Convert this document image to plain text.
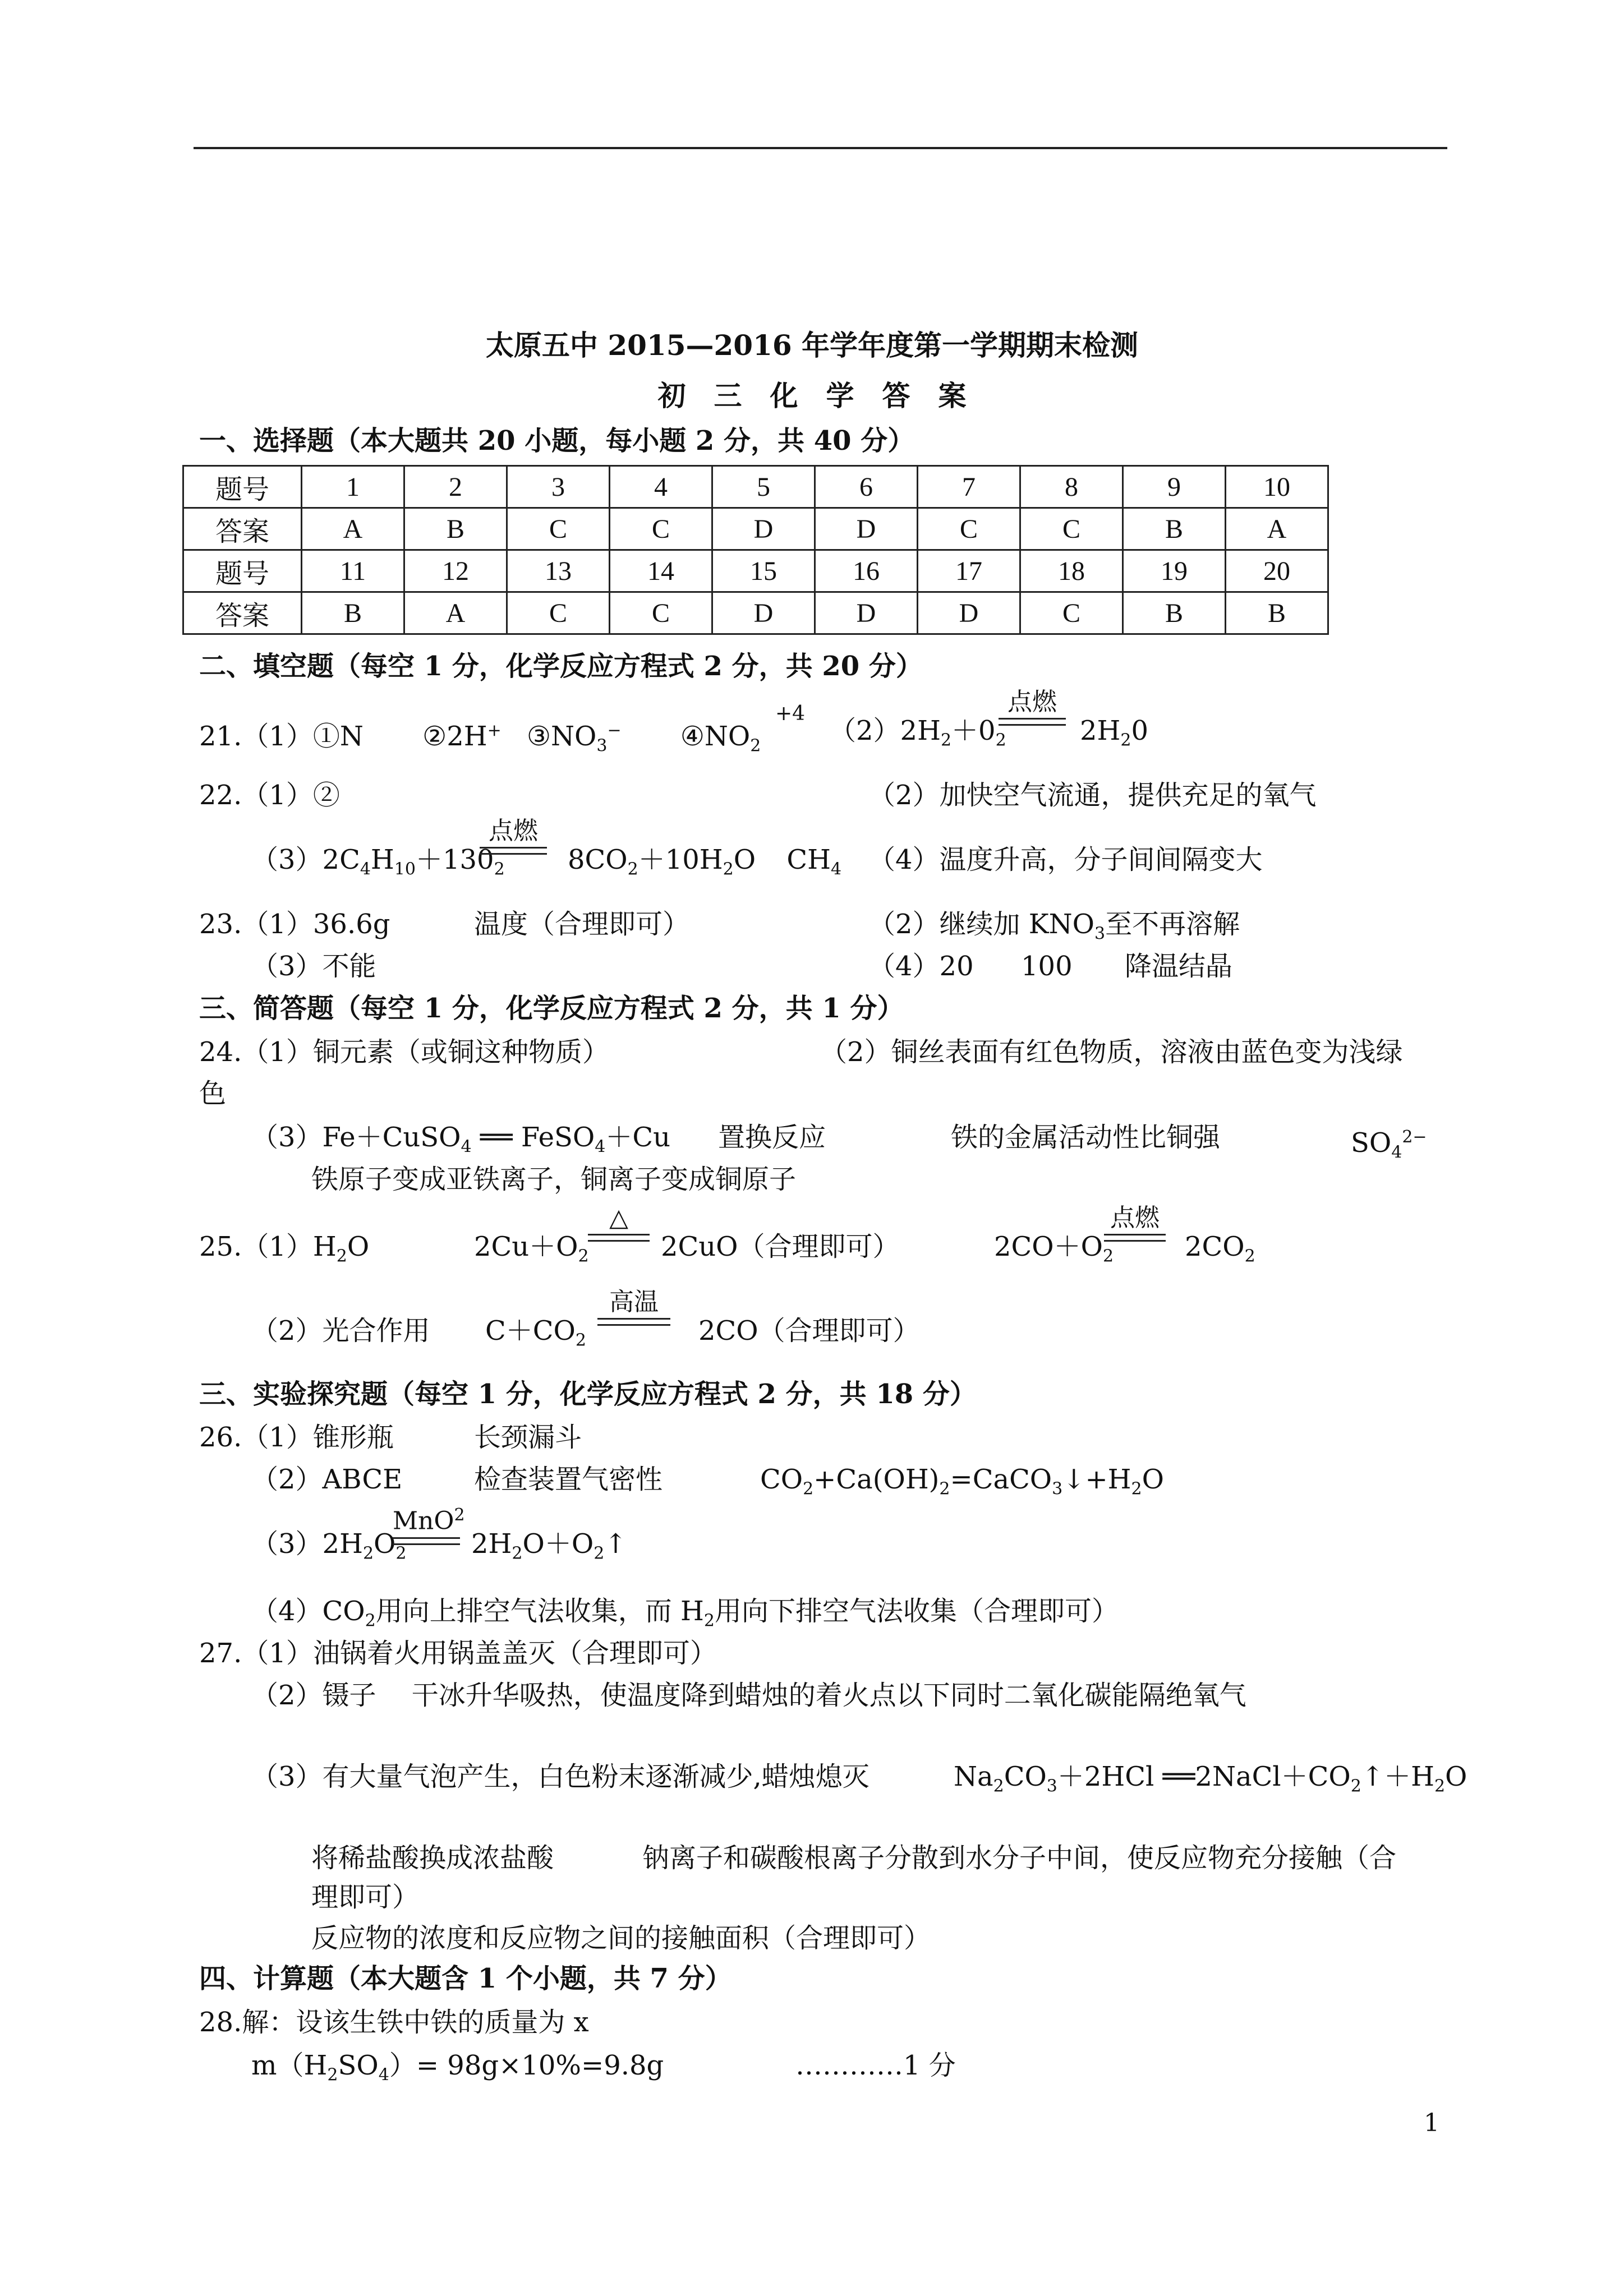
太原五中 2015—2016 年学年度第一学期期末检测
初　三　化　学　答　案
一、选择题（本大题共 20 小题，每小题 2 分，共 40 分）
题号	1	2	3	4	5	6	7	8	9	10
答案	A	B	C	C	D	D	C	C	B	A
题号	11	12	13	14	15	16	17	18	19	20
答案	B	A	C	C	D	D	D	C	B	B
二、填空题（每空 1 分，化学反应方程式 2 分，共 20 分）
21.（1）①N ②2H+ $③NO_3^-$ $④NO_2$
+4
$(2)2H_2+0_2$
点燃
$2H_20$
22.（1）②	（2）加快空气流通，提供充足的氧气
$(3)2C_4H_{10}+130_2$
点燃
$8CO_2+10H_2O$ $CH_4$ （4）温度升高，分子间间隔变大
23.（1）36.6g	温度（合理即可）	（2）继续加 $KNO_3$至不再溶解
（3）不能	（4）20 100 降温结晶
三、简答题（每空 1 分，化学反应方程式 2 分，共 1 分）
24.（1）铜元素（或铜这种物质）	（2）铜丝表面有红色物质，溶液由蓝色变为浅绿
色
（3）Fe＋CuSO$_4$ ══ FeSO$_4$＋Cu 置换反应	铁的金属活动性比铜强	$SO_4^{2-}$
铁原子变成亚铁离子，铜离子变成铜原子
$25.(1)H_2O$	$2Cu+O_2$
△
2CuO（合理即可）	$2CO+O_2$
点燃
$2CO_2$
（2）光合作用 $C+CO_2$
高温
2CO（合理即可）
三、实验探究题（每空 1 分，化学反应方程式 2 分，共 18 分）
26.（1）锥形瓶	长颈漏斗
（2）ABCE	检查装置气密性	$CO_2+Ca(OH)_2=CaCO_3↓+H_2O$
$(3)2H_2O_2$
MnO$^2$
$2H_2O+O_2↑$
$(4)CO_2$用向上排空气法收集，而 $H_2$用向下排空气法收集（合理即可）
27.（1）油锅着火用锅盖盖灭（合理即可）
（2）镊子　 干冰升华吸热，使温度降到蜡烛的着火点以下同时二氧化碳能隔绝氧气
（3）有大量气泡产生，白色粉末逐渐减少,蜡烛熄灭	$Na_2CO_3+2HCl$ $══2NaCl+CO_2↑+H_2O$
将稀盐酸换成浓盐酸	钠离子和碳酸根离子分散到水分子中间，使反应物充分接触（合
理即可）
反应物的浓度和反应物之间的接触面积（合理即可）
四、计算题（本大题含 1 个小题，共 7 分）
28.解：设该生铁中铁的质量为 x
$m(H_2SO_4)= 98g\times 10\%=9.8g$	…………1 分
1
